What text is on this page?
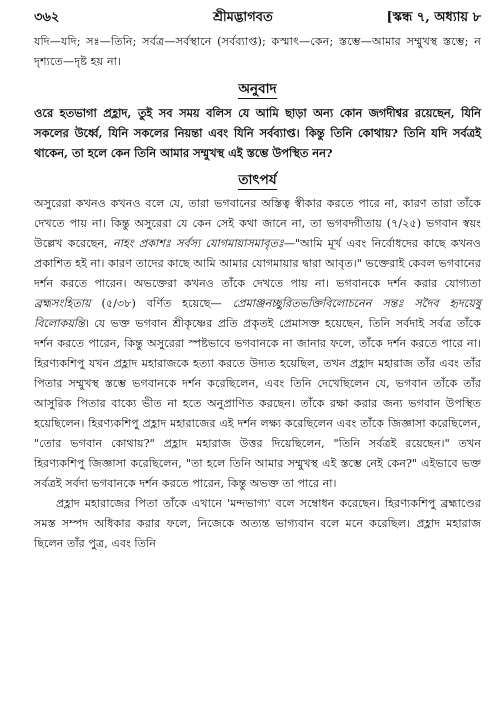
৩৬২	শ্রীমদ্ভাগবত	[স্কন্ধ ৭, অধ্যায় ৮

যদি—যদি; সঃ—তিনি; সর্বত্র—সর্বস্থানে (সর্বব্যাপ্ত); কস্মাৎ—কেন; স্তম্ভে—আমার সম্মুখস্থ স্তম্ভে; ন দৃশ্যতে—দৃষ্ট হয় না।

অনুবাদ

ওরে হতভাগা প্রহ্লাদ, তুই সব সময় বলিস যে আমি ছাড়া অন্য কোন জগদীশ্বর রয়েছেন, যিনি সকলের উর্ধ্বে, যিনি সকলের নিয়ন্তা এবং যিনি সর্বব্যাপ্ত। কিন্তু তিনি কোথায়? তিনি যদি সর্বত্রই থাকেন, তা হলে কেন তিনি আমার সম্মুখস্থ এই স্তম্ভে উপস্থিত নন?

তাৎপর্য

অসুরেরা কখনও কখনও বলে যে, তারা ভগবানের অস্তিত্ব স্বীকার করতে পারে না, কারণ তারা তাঁকে দেখতে পায় না। কিন্তু অসুরেরা যে কেন সেই কথা জানে না, তা ভগবদ্গীতায় (৭/২৫) ভগবান স্বয়ং উল্লেখ করেছেন, নাহং প্রকাশঃ সর্বস্য যোগমায়াসমাবৃতঃ—"আমি মূর্খ এবং নির্বোধদের কাছে কখনও প্রকাশিত হই না। কারণ তাদের কাছে আমি আমার যোগমায়ার দ্বারা আবৃত।" ভক্তেরাই কেবল ভগবানের দর্শন করতে পারেন। অভক্তেরা কখনও তাঁকে দেখতে পায় না। ভগবানকে দর্শন করার যোগ্যতা ব্রহ্মসংহিতায় (৫/৩৮) বর্ণিত হয়েছে— প্রেমাঞ্জনচ্ছুরিতভক্তিবিলোচনেন সন্তঃ সদৈব হৃদয়েষু বিলোকয়ন্তি। যে ভক্ত ভগবান শ্রীকৃষ্ণের প্রতি প্রকৃতই প্রেমাসক্ত হয়েছেন, তিনি সর্বদাই সর্বত্র তাঁকে দর্শন করতে পারেন, কিন্তু অসুরেরা স্পষ্টভাবে ভগবানকে না জানার ফলে, তাঁকে দর্শন করতে পারে না। হিরণ্যকশিপু যখন প্রহ্লাদ মহারাজকে হত্যা করতে উদ্যত হয়েছিল, তখন প্রহ্লাদ মহারাজ তাঁর এবং তাঁর পিতার সম্মুখস্থ স্তম্ভে ভগবানকে দর্শন করেছিলেন, এবং তিনি দেখেছিলেন যে, ভগবান তাঁকে তাঁর আসুরিক পিতার বাক্যে ভীত না হতে অনুপ্রাণিত করছেন। তাঁকে রক্ষা করার জন্য ভগবান উপস্থিত হয়েছিলেন। হিরণ্যকশিপু প্রহ্লাদ মহারাজের এই দর্শন লক্ষ্য করেছিলেন এবং তাঁকে জিজ্ঞাসা করেছিলেন, "তোর ভগবান কোথায়?" প্রহ্লাদ মহারাজ উত্তর দিয়েছিলেন, "তিনি সর্বত্রই রয়েছেন।" তখন হিরণ্যকশিপু জিজ্ঞাসা করেছিলেন, "তা হলে তিনি আমার সম্মুখস্থ এই স্তম্ভে নেই কেন?" এইভাবে ভক্ত সর্বত্রই সর্বদা ভগবানকে দর্শন করতে পারেন, কিন্তু অভক্ত তা পারে না।

প্রহ্লাদ মহারাজের পিতা তাঁকে এখানে 'মন্দভাগ্য' বলে সম্বোধন করেছেন। হিরণ্যকশিপু ব্রহ্মাণ্ডের সমস্ত সম্পদ অধিকার করার ফলে, নিজেকে অত্যন্ত ভাগ্যবান বলে মনে করেছিল। প্রহ্লাদ মহারাজ ছিলেন তাঁর পুত্র, এবং তিনি
